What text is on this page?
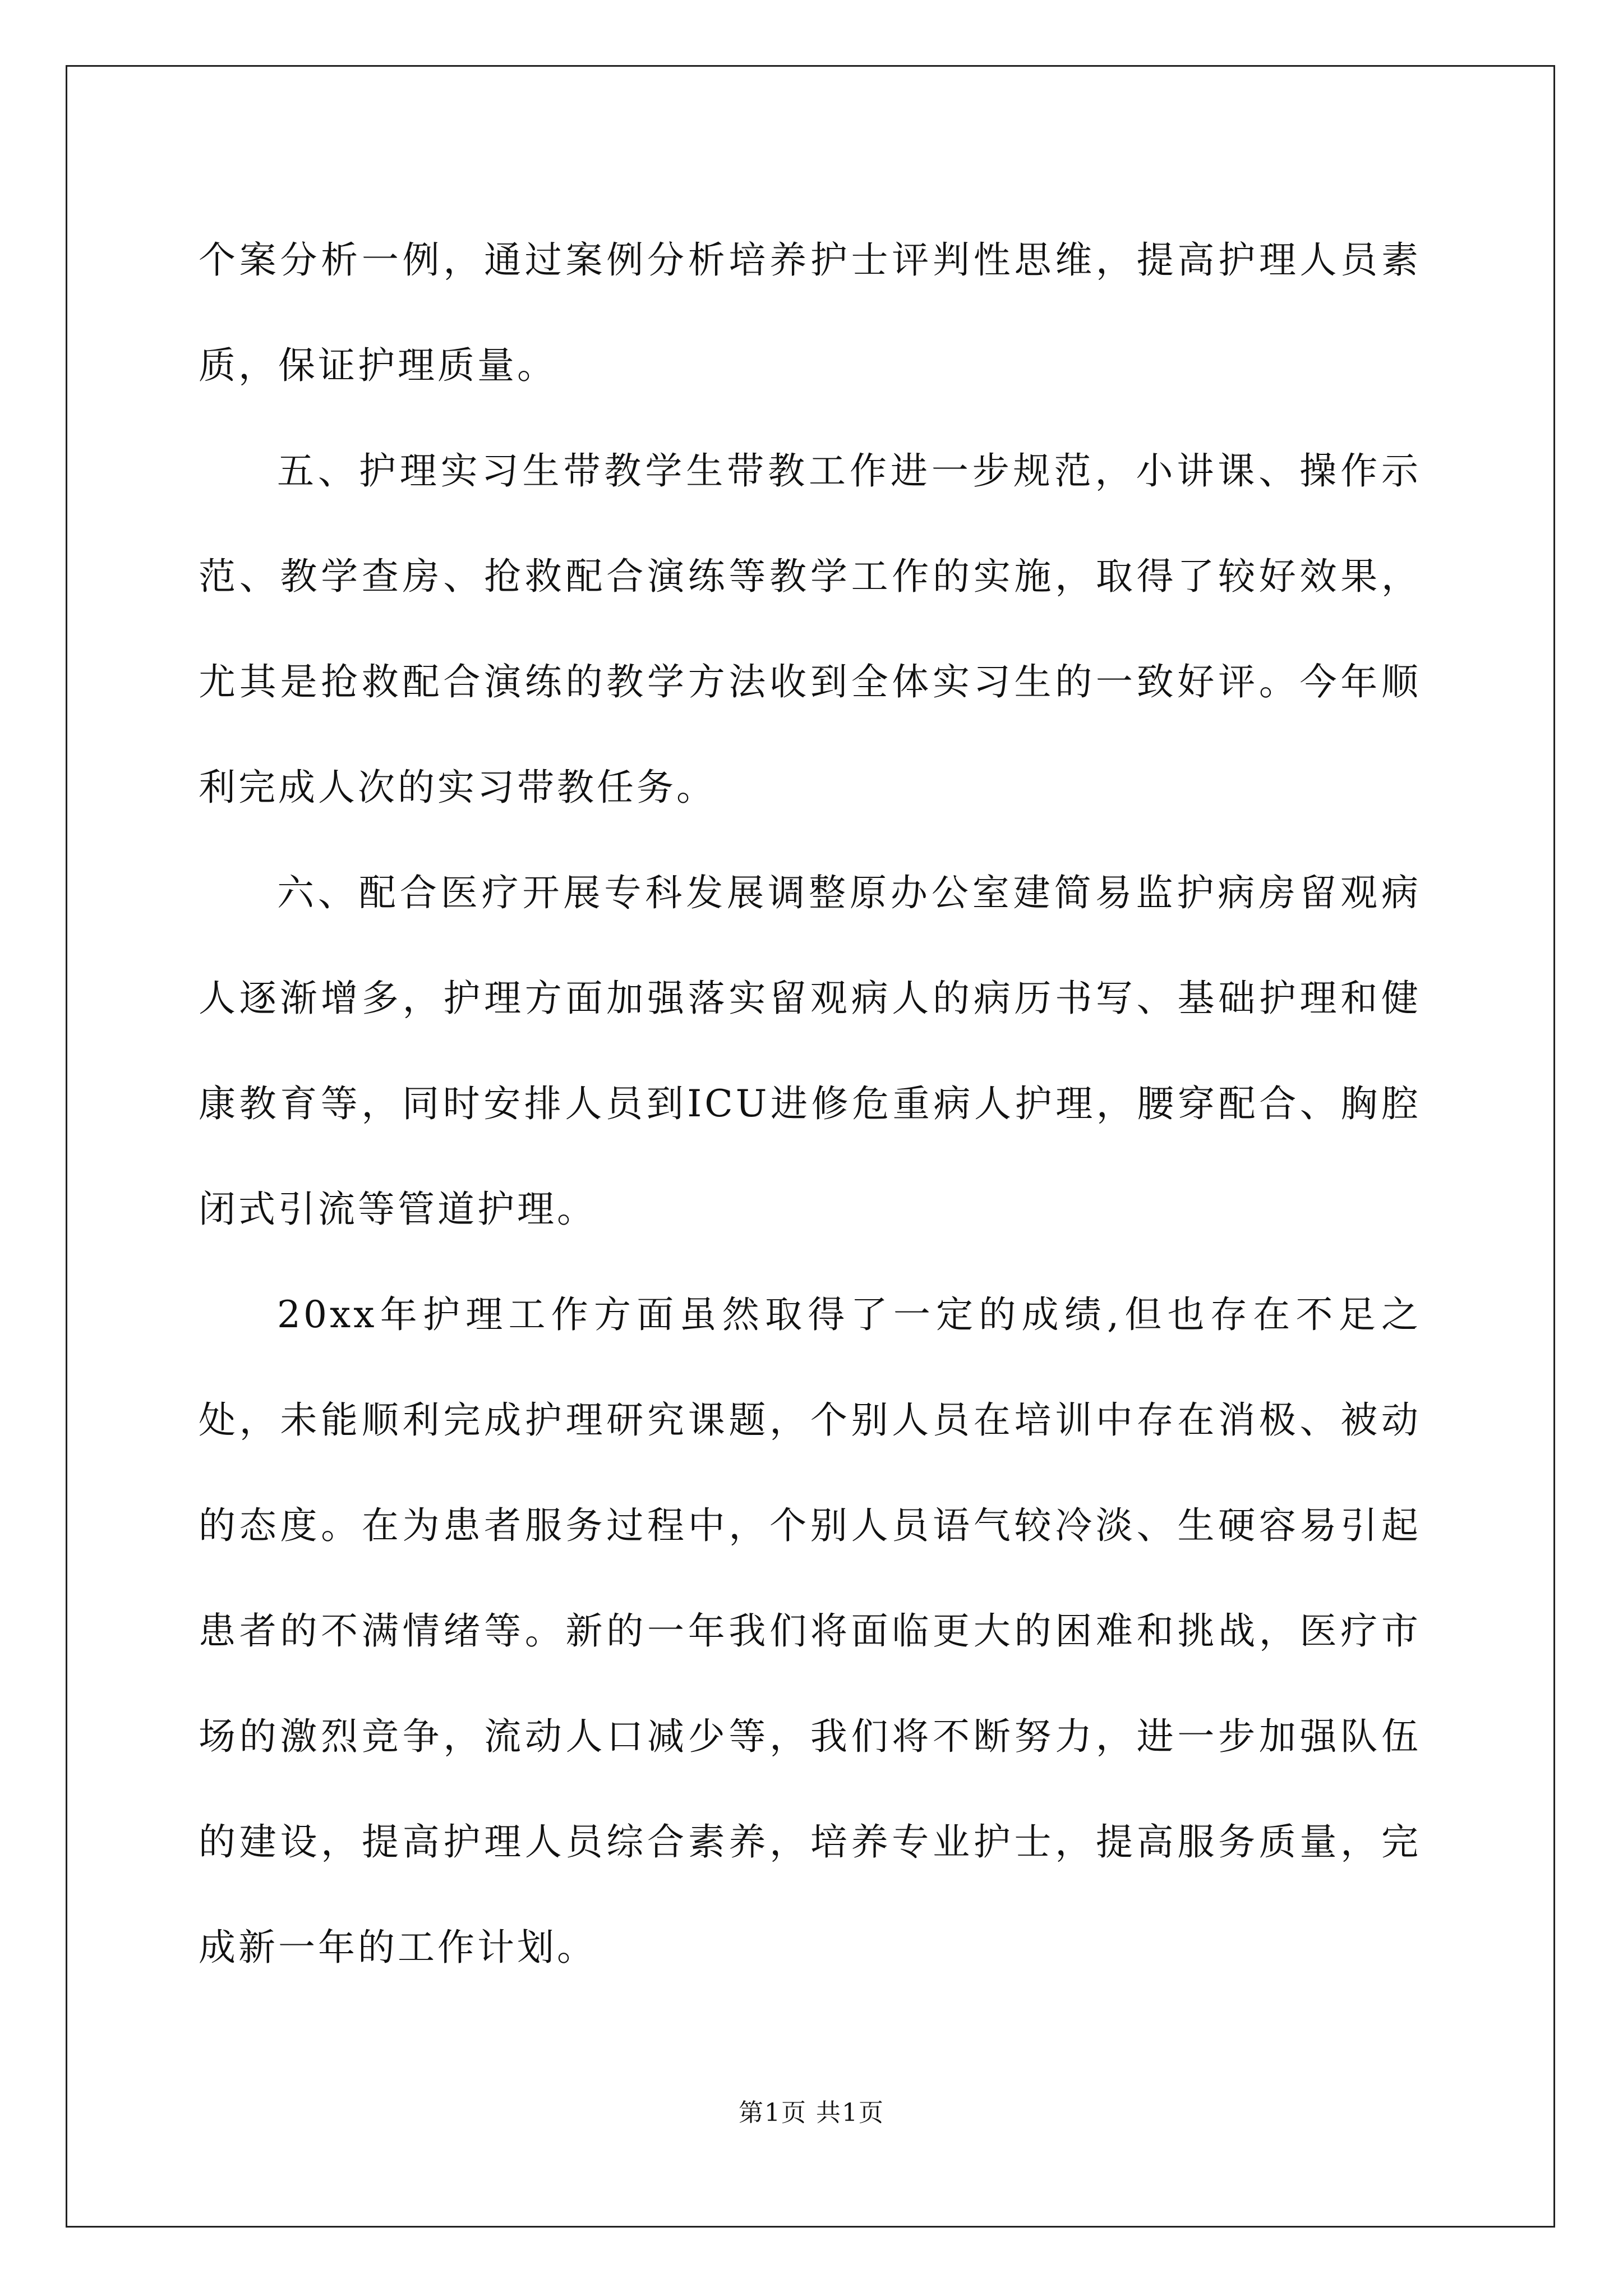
个案分析一例，通过案例分析培养护士评判性思维，提高护理人员素质，保证护理质量。

五、护理实习生带教学生带教工作进一步规范，小讲课、操作示范、教学查房、抢救配合演练等教学工作的实施，取得了较好效果，尤其是抢救配合演练的教学方法收到全体实习生的一致好评。今年顺利完成人次的实习带教任务。

六、配合医疗开展专科发展调整原办公室建简易监护病房留观病人逐渐增多，护理方面加强落实留观病人的病历书写、基础护理和健康教育等，同时安排人员到ICU进修危重病人护理，腰穿配合、胸腔闭式引流等管道护理。

20xx年护理工作方面虽然取得了一定的成绩,但也存在不足之处，未能顺利完成护理研究课题，个别人员在培训中存在消极、被动的态度。在为患者服务过程中，个别人员语气较冷淡、生硬容易引起患者的不满情绪等。新的一年我们将面临更大的困难和挑战，医疗市场的激烈竞争，流动人口减少等，我们将不断努力，进一步加强队伍的建设，提高护理人员综合素养，培养专业护士，提高服务质量，完成新一年的工作计划。

第1页 共1页
